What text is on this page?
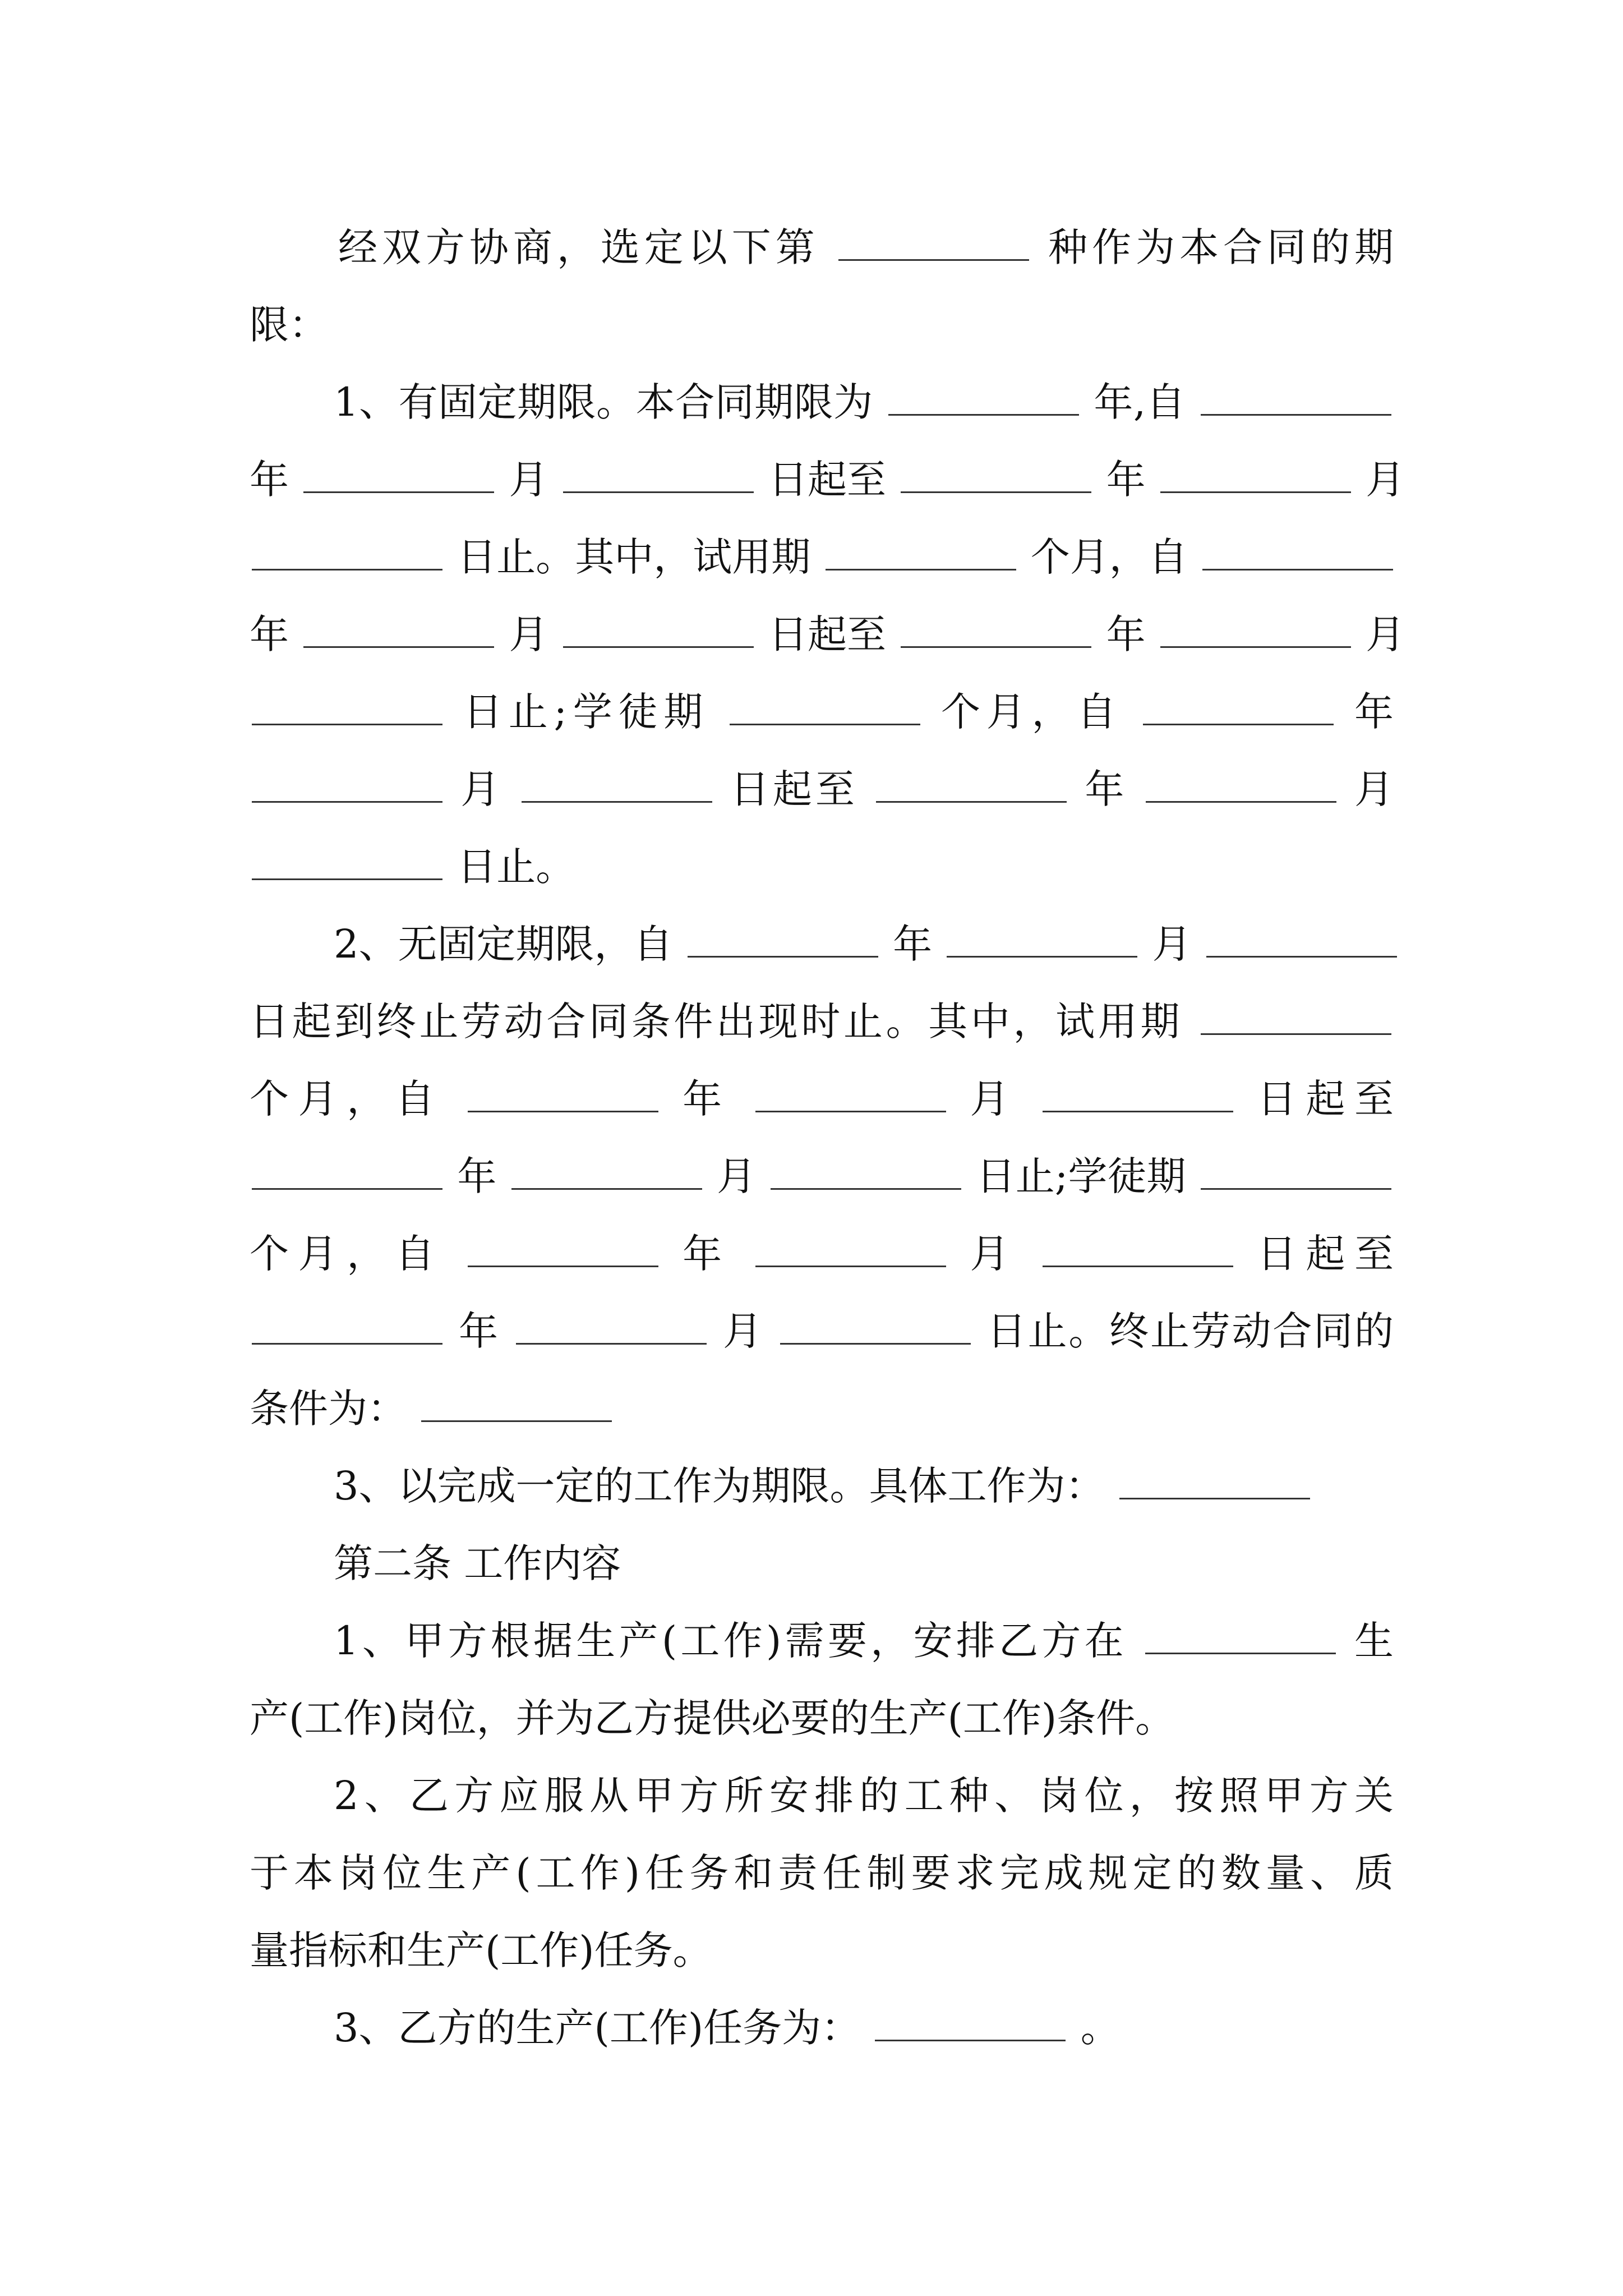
经双方协商，选定以下第	种作为本合同的期
限：
1、有固定期限。本合同期限为	年,自
年	月	日起至	年	月
日止。其中，试用期	个月，自
年	月	日起至	年	月
日止;学徒期	个月，自	年
月	日起至	年	月
日止。
2、无固定期限，自	年	月
日起到终止劳动合同条件出现时止。其中，试用期
个月，自	年	月	日起至
年	月	日止;学徒期
个月，自	年	月	日起至
年	月	日止。终止劳动合同的
条件为：
3、以完成一定的工作为期限。具体工作为：
第二条 工作内容
1、甲方根据生产(工作)需要，安排乙方在	生
产(工作)岗位，并为乙方提供必要的生产(工作)条件。
2、乙方应服从甲方所安排的工种、岗位，按照甲方关
于本岗位生产(工作)任务和责任制要求完成规定的数量、质
量指标和生产(工作)任务。
3、乙方的生产(工作)任务为：	。
